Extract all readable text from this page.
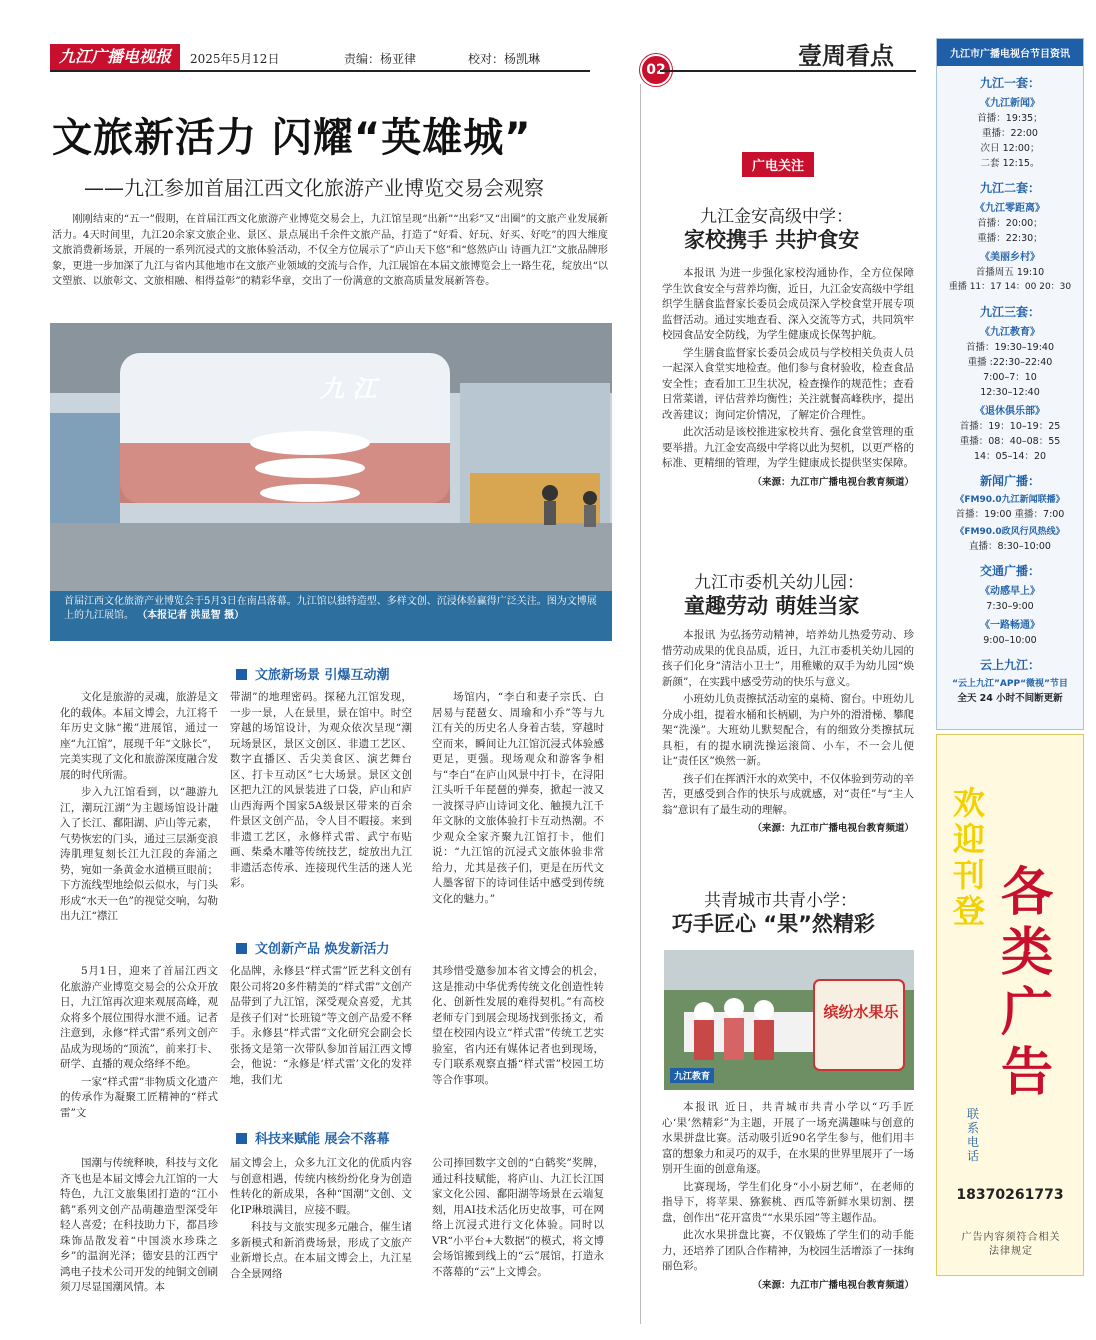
九江广播电视报	2025年5月12日	责编：杨亚律	校对：杨凯琳
02	壹周看点
文旅新活力 闪耀“英雄城”
——九江参加首届江西文化旅游产业博览交易会观察
刚刚结束的“五一”假期，在首届江西文化旅游产业博览交易会上，九江馆呈现“出新”“出彩”又“出圈”的文旅产业发展新活力。4天时间里，九江20余家文旅企业、景区、景点展出千余件文旅产品，打造了“好看、好玩、好买、好吃”的四大维度文旅消费新场景，开展的一系列沉浸式的文旅体验活动，不仅全方位展示了“庐山天下悠”和“悠然庐山 诗画九江”文旅品牌形象，更进一步加深了九江与省内其他地市在文旅产业领域的交流与合作，九江展馆在本届文旅博览会上一路生花，绽放出“以文塑旅、以旅彰文、文旅相融、相得益彰”的精彩华章，交出了一份满意的文旅高质量发展新答卷。
九 江
首届江西文化旅游产业博览会于5月3日在南昌落幕。九江馆以独特造型、多样文创、沉浸体验赢得广泛关注。图为文博展上的九江展馆。 （本报记者 洪显智 摄）
文旅新场景 引爆互动潮

文化是旅游的灵魂，旅游是文化的载体。本届文博会，九江将千年历史文脉“搬”进展馆，通过一座“九江馆”，展现千年“文脉长”，完美实现了文化和旅游深度融合发展的时代所需。

步入九江馆看到，以“趣游九江，潮玩江湖”为主题场馆设计融入了长江、鄱阳湖、庐山等元素，气势恢宏的门头，通过三层渐变浪涛肌理复刻长江九江段的奔涌之势，宛如一条黄金水道横亘眼前；下方流线型地绘似云似水，与门头形成“水天一色”的视觉交响，勾勒出九江“襟江

带湖”的地理密码。探秘九江馆发现，一步一景，人在景里，景在馆中。时空穿越的场馆设计，为观众依次呈现“潮玩场景区，景区文创区、非遗工艺区、数字直播区、舌尖美食区、演艺舞台区、打卡互动区”七大场景。景区文创区把九江的风景装进了口袋，庐山和庐山西海两个国家5A级景区带来的百余件景区文创产品，令人目不暇接。来到非遗工艺区，永修样式雷、武宁布贴画、柴桑木雕等传统技艺，绽放出九江非遗活态传承、连接现代生活的迷人光彩。

场馆内，“李白和妻子宗氏、白居易与琵琶女、周瑜和小乔”等与九江有关的历史名人身着古装，穿越时空而来，瞬间让九江馆沉浸式体验感更足，更强。现场观众和游客争相与“李白”在庐山风景中打卡，在浔阳江头听千年琵琶的弹奏，掀起一波又一波探寻庐山诗词文化、触摸九江千年文脉的文旅体验打卡互动热潮。不少观众全家齐聚九江馆打卡，他们说：“九江馆的沉浸式文旅体验非常给力，尤其是孩子们，更是在历代文人墨客留下的诗词佳话中感受到传统文化的魅力。”

文创新产品 焕发新活力

5月1日，迎来了首届江西文化旅游产业博览交易会的公众开放日，九江馆再次迎来观展高峰，观众将多个展位围得水泄不通。记者注意到，永修“样式雷”系列文创产品成为现场的“顶流”，前来打卡、研学、直播的观众络绎不绝。

一家“样式雷”非物质文化遗产的传承作为凝聚工匠精神的“样式雷”文

化品牌，永修县“样式雷”匠艺科文创有限公司将20多件精美的“样式雷”文创产品带到了九江馆，深受观众喜爱，尤其是孩子们对“长班镜”等文创产品爱不释手。永修县“样式雷”文化研究会副会长张扬文是第一次带队参加首届江西文博会，他说：“永修是‘样式雷’文化的发祥地，我们尤

其珍惜受邀参加本省文博会的机会，这是推动中华优秀传统文化创造性转化、创新性发展的难得契机。”有高校老师专门到展会现场找到张扬文，希望在校园内设立“样式雷”传统工艺实验室，省内还有媒体记者也到现场，专门联系观察直播“样式雷”校园工坊等合作事项。

科技来赋能 展会不落幕

国潮与传统释映，科技与文化齐飞也是本届文博会九江馆的一大特色，九江文旅集团打造的“江小鹤”系列文创产品萌趣造型深受年轻人喜爱；在科技助力下，都昌珍珠饰品散发着“中国淡水珍珠之乡”的温润光泽；德安县的江西宁鸿电子技术公司开发的纯铜文创刷须刀尽显国潮风情。本

届文博会上，众多九江文化的优质内容与创意相遇，传统内核纷纷化身为创造性转化的新成果，各种“国潮”文创、文化IP琳琅满目，应接不暇。

科技与文旅实现多元融合，催生诸多新模式和新消费场景，形成了文旅产业新增长点。在本届文博会上，九江星合全景网络

公司捧回数字文创的“白鹤奖”奖牌，通过科技赋能，将庐山、九江长江国家文化公园、鄱阳湖等场景在云端复刻，用AI技术活化历史故事，可在网络上沉浸式进行文化体验。同时以VR“小平台+大数据”的模式，将文博会场馆搬到线上的“云”展馆，打造永不落幕的“云”上文博会。

广电关注
九江金安高级中学：
家校携手 共护食安

本报讯 为进一步强化家校沟通协作，全方位保障学生饮食安全与营养均衡，近日，九江金安高级中学组织学生膳食监督家长委员会成员深入学校食堂开展专项监督活动。通过实地查看、深入交流等方式，共同筑牢校园食品安全防线，为学生健康成长保驾护航。

学生膳食监督家长委员会成员与学校相关负责人员一起深入食堂实地检查。他们参与食材验收，检查食品安全性；查看加工卫生状况，检查操作的规范性；查看日常菜谱，评估营养均衡性；关注就餐高峰秩序，提出改善建议；询问定价情况，了解定价合理性。

此次活动是该校推进家校共育、强化食堂管理的重要举措。九江金安高级中学将以此为契机，以更严格的标准、更精细的管理，为学生健康成长提供坚实保障。

（来源：九江市广播电视台教育频道）
九江市委机关幼儿园：
童趣劳动 萌娃当家

本报讯 为弘扬劳动精神，培养幼儿热爱劳动、珍惜劳动成果的优良品质，近日，九江市委机关幼儿园的孩子们化身“清洁小卫士”，用稚嫩的双手为幼儿园“焕新颜”，在实践中感受劳动的快乐与意义。

小班幼儿负责擦拭活动室的桌椅、窗台。中班幼儿分成小组，提着水桶和长柄刷，为户外的滑滑梯、攀爬架“洗澡”。大班幼儿默契配合，有的细致分类擦拭玩具柜，有的提水刷洗操运滚筒、小车，不一会儿便让“责任区”焕然一新。

孩子们在挥洒汗水的欢笑中，不仅体验到劳动的辛苦，更感受到合作的快乐与成就感，对“责任”与“主人翁”意识有了最生动的理解。

（来源：九江市广播电视台教育频道）
共青城市共青小学：
巧手匠心 “果”然精彩
缤纷水果乐
九江教育

本报讯 近日，共青城市共青小学以“巧手匠心‘果’然精彩”为主题，开展了一场充满趣味与创意的水果拼盘比赛。活动吸引近90名学生参与，他们用丰富的想象力和灵巧的双手，在水果的世界里展开了一场别开生面的创意角逐。

比赛现场，学生们化身“小小厨艺师”，在老师的指导下，将苹果、猕猴桃、西瓜等新鲜水果切割、摆盘，创作出“花开富贵”“水果乐园”等主题作品。

此次水果拼盘比赛，不仅锻炼了学生们的动手能力，还培养了团队合作精神，为校园生活增添了一抹绚丽色彩。

（来源：九江市广播电视台教育频道）
九江市广播电视台节目资讯
九江一套：
《九江新闻》
首播：19:35；
重播：22:00
次日 12:00；
二套 12:15。
九江二套：
《九江零距离》
首播：20:00；
重播：22:30；
《美丽乡村》
首播周五 19:10
重播 11：17 14：00 20：30
九江三套：
《九江教育》
首播：19:30–19:40
重播 :22:30–22:40
7:00–7：10
12:30–12:40
《退休俱乐部》
首播：19：10–19：25
重播：08：40–08：55
14：05–14：20
新闻广播：
《FM90.0九江新闻联播》
首播：19:00 重播：7:00
《FM90.0政风行风热线》
直播：8:30–10:00
交通广播：
《动感早上》
7:30–9:00
《一路畅通》
9:00–10:00
云上九江：
“云上九江”APP“微视”节目
全天 24 小时不间断更新
欢迎刊登 各类广告
联系电话
18370261773
广告内容须符合相关法律规定
